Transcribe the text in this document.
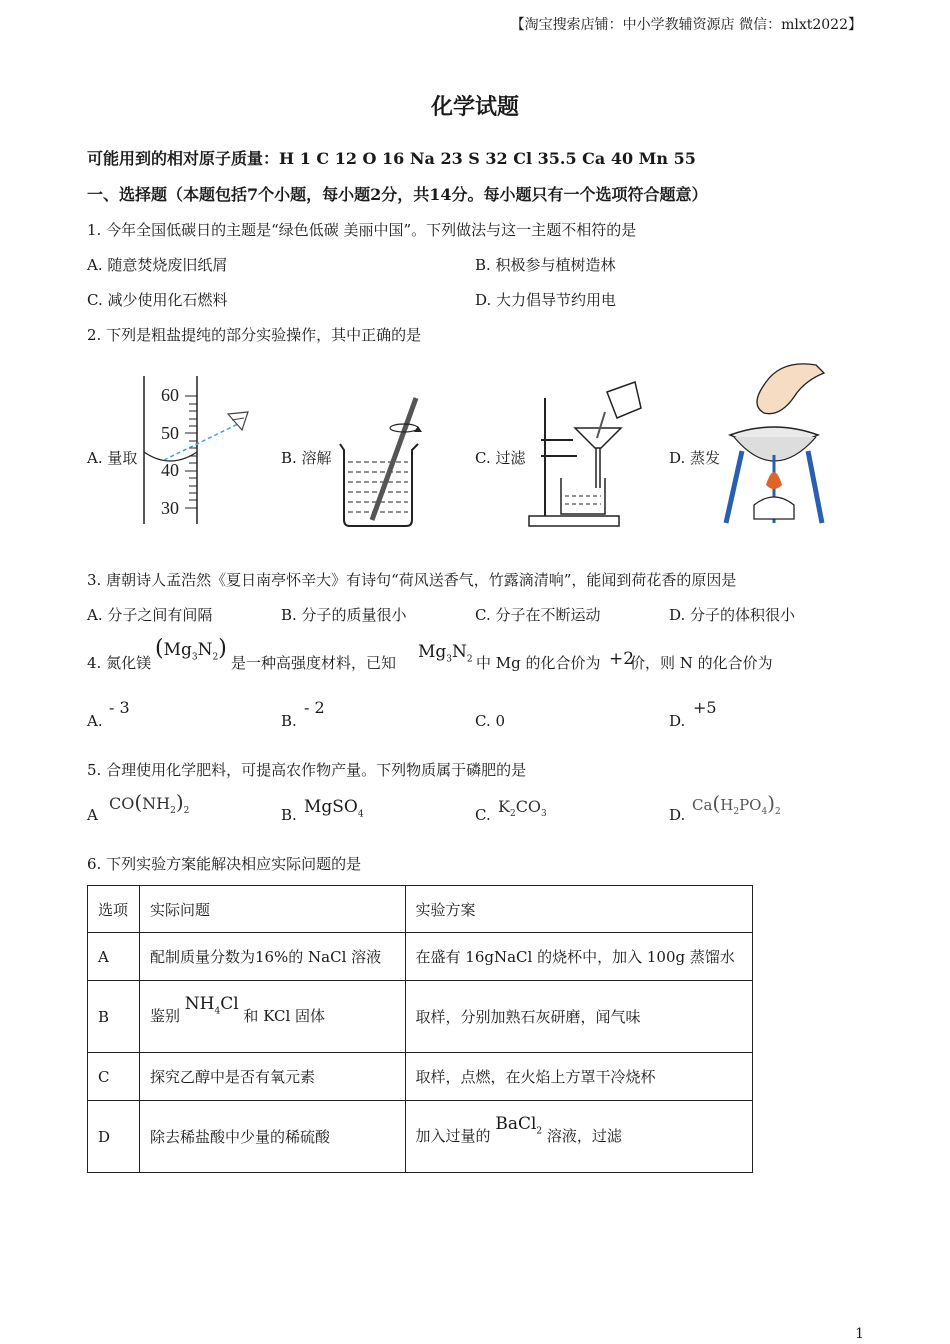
【淘宝搜索店铺：中小学教辅资源店 微信：mlxt2022】
化学试题
可能用到的相对原子质量：H 1 C 12 O 16 Na 23 S 32 Cl 35.5 Ca 40 Mn 55
一、选择题（本题包括7个小题，每小题2分，共14分。每小题只有一个选项符合题意）
1. 今年全国低碳日的主题是“绿色低碳 美丽中国”。下列做法与这一主题不相符的是
A. 随意焚烧废旧纸屑	B. 积极参与植树造林
C. 减少使用化石燃料	D. 大力倡导节约用电
2. 下列是粗盐提纯的部分实验操作，其中正确的是
A. 量取	B. 溶解	C. 过滤	D. 蒸发
60
50
40
30
3. 唐朝诗人孟浩然《夏日南亭怀辛大》有诗句“荷风送香气，竹露滴清响”，能闻到荷花香的原因是
A. 分子之间有间隔	B. 分子的质量很小	C. 分子在不断运动	D. 分子的体积很小
4. 氮化镁
$(Mg_3N_2)$
是一种高强度材料，已知
$Mg_3N_2$ 中 Mg 的化合价为 +2
价，则 N 的化合价为
A.
- 3
B.
- 2
C. 0	D.
+5
5. 合理使用化学肥料，可提高农作物产量。下列物质属于磷肥的是
A
$CO(NH_2)_2$	B. MgSO$_4$	C. $K_2CO_3$	D.
$Ca(H_2PO_4)_2$
6. 下列实验方案能解决相应实际问题的是
选项	实际问题	实验方案
A	配制质量分数为16%的 NaCl 溶液	在盛有 16gNaCl 的烧杯中，加入 100g 蒸馏水
B	鉴别 $NH_4Cl$ 和 KCl 固体	取样，分别加熟石灰研磨，闻气味
C	探究乙醇中是否有氧元素	取样，点燃，在火焰上方罩干冷烧杯
D	除去稀盐酸中少量的稀硫酸	加入过量的 BaCl$_2$ 溶液，过滤
1
